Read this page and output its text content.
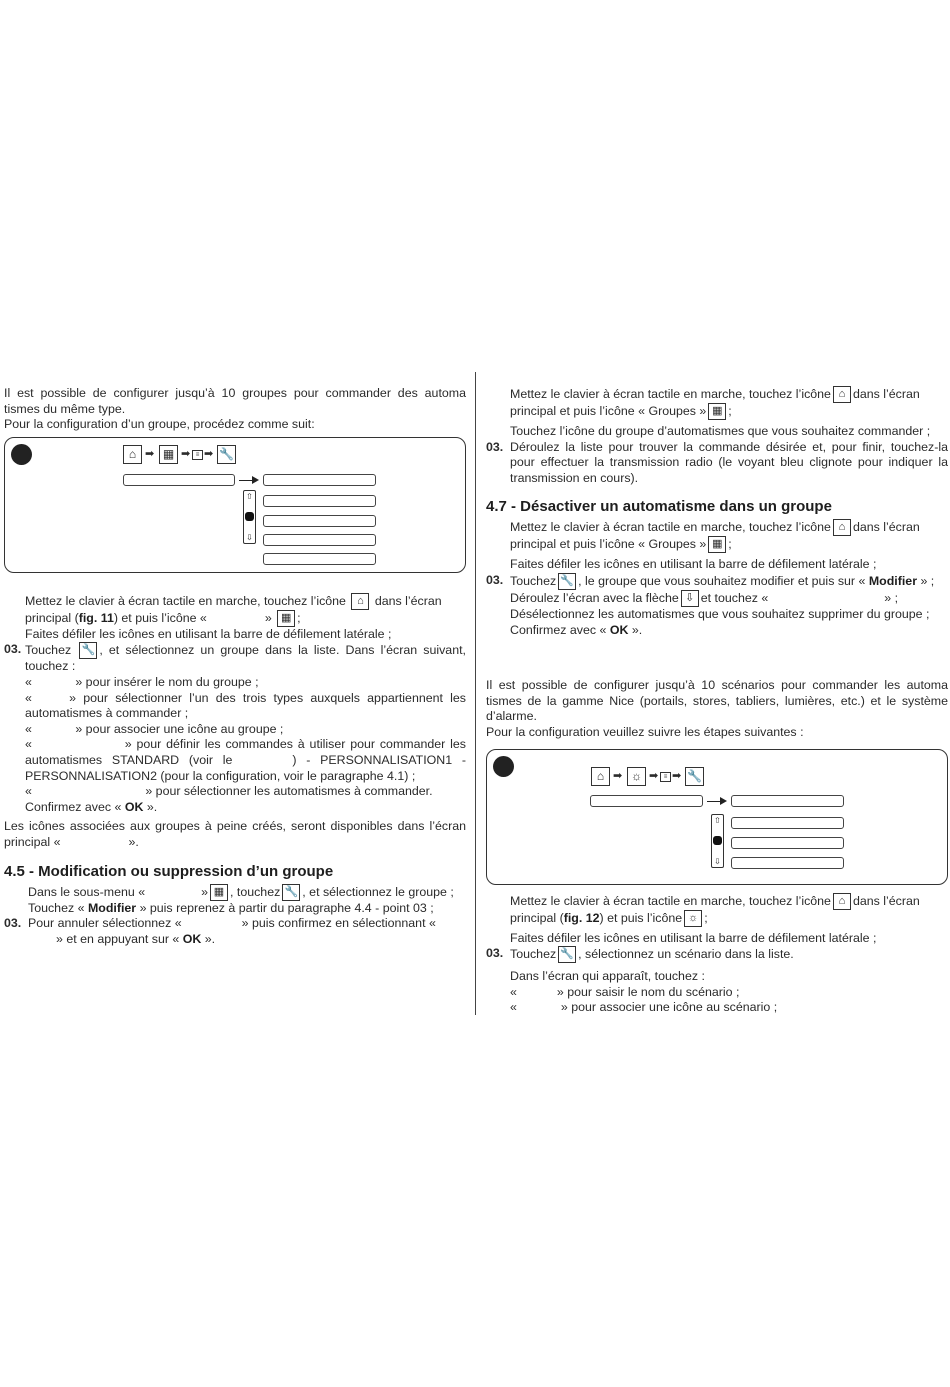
Il est possible de configurer jusqu’à 10 groupes pour commander des automa tismes du même type.

Pour la configuration d’un groupe, procédez comme suit:

⌂ ➡ ▦ ➡ ≡ ➡ 🔧
⇧
⇩

Mettez le clavier à écran tactile en marche, touchez l’icône ⌂ dans l’écran
principal (fig. 11) et puis l’icône «	» ▦ ;

Faites défiler les icônes en utilisant la barre de défilement latérale ;

03. Touchez 🔧 , et sélectionnez un groupe dans la liste. Dans l’écran suivant, touchez :

«	» pour insérer le nom du groupe ;

« » pour sélectionner l’un des trois types auxquels appartiennent les automatismes à commander ;

«	» pour associer une icône au groupe ;

«	» pour définir les commandes à utiliser pour commander les automatismes STANDARD (voir le	) - PERSONNALISATION1 - PERSONNALISATION2 (pour la configuration, voir le paragraphe 4.1) ;

«	» pour sélectionner les automatismes à commander.

Confirmez avec « OK ».

Les icônes associées aux groupes à peine créés, seront disponibles dans l’écran principal «	».

4.5 - Modification ou suppression d’un groupe

Dans le sous-menu «	» ▦ , touchez 🔧 , et sélectionnez le groupe ;

Touchez « Modifier » puis reprenez à partir du paragraphe 4.4 - point 03 ;

03. Pour annuler sélectionnez «	» puis confirmez en sélectionnant «
» et en appuyant sur « OK ».

Mettez le clavier à écran tactile en marche, touchez l’icône ⌂ dans l’écran
principal et puis l’icône « Groupes » ▦ ;

Touchez l’icône du groupe d’automatismes que vous souhaitez commander ;

03. Déroulez la liste pour trouver la commande désirée et, pour finir, touchez-la pour effectuer la transmission radio (le voyant bleu clignote pour indiquer la transmission en cours).

4.7 - Désactiver un automatisme dans un groupe

Mettez le clavier à écran tactile en marche, touchez l’icône ⌂ dans l’écran
principal et puis l’icône « Groupes » ▦ ;

Faites défiler les icônes en utilisant la barre de défilement latérale ;

03. Touchez 🔧 , le groupe que vous souhaitez modifier et puis sur « Modifier » ;

Déroulez l’écran avec la flèche ⇩ et touchez «	» ;

Désélectionnez les automatismes que vous souhaitez supprimer du groupe ;

Confirmez avec « OK ».

Il est possible de configurer jusqu’à 10 scénarios pour commander les automa tismes de la gamme Nice (portails, stores, tabliers, lumières, etc.) et le système d’alarme.

Pour la configuration veuillez suivre les étapes suivantes :

⌂ ➡ ☼ ➡ ≡ ➡ 🔧
⇧
⇩

Mettez le clavier à écran tactile en marche, touchez l’icône ⌂ dans l’écran
principal (fig. 12) et puis l’icône ☼ ;

Faites défiler les icônes en utilisant la barre de défilement latérale ;

03. Touchez 🔧 , sélectionnez un scénario dans la liste.

Dans l’écran qui apparaît, touchez :

«	» pour saisir le nom du scénario ;

«	» pour associer une icône au scénario ;
